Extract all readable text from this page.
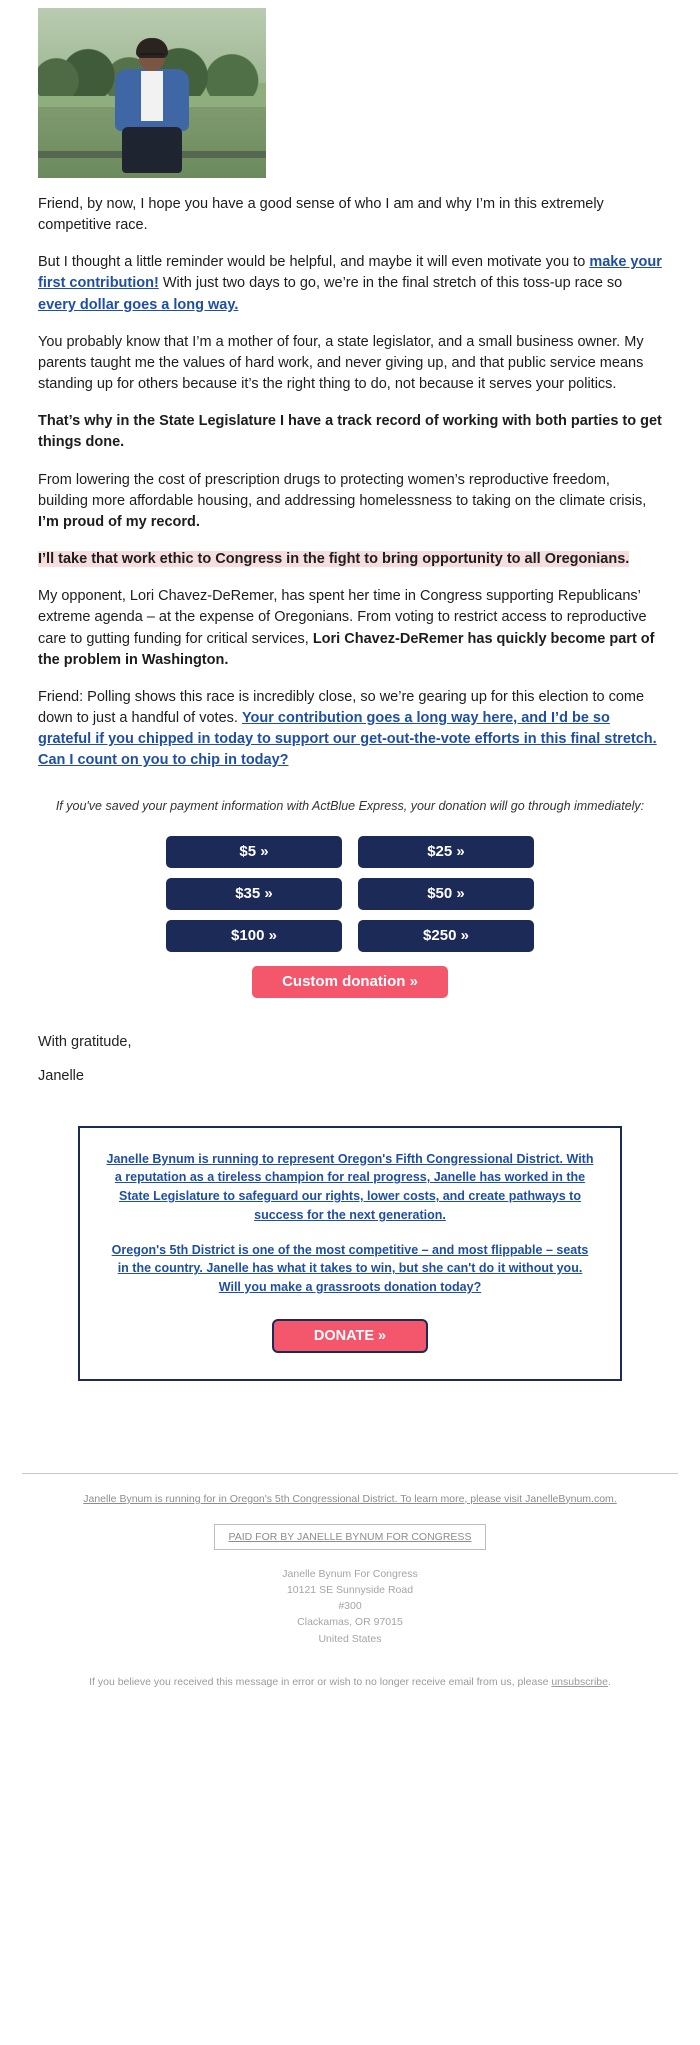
Friend, by now, I hope you have a good sense of who I am and why I’m in this extremely competitive race.

But I thought a little reminder would be helpful, and maybe it will even motivate you to make your first contribution! With just two days to go, we’re in the final stretch of this toss-up race so every dollar goes a long way.

You probably know that I’m a mother of four, a state legislator, and a small business owner. My parents taught me the values of hard work, and never giving up, and that public service means standing up for others because it’s the right thing to do, not because it serves your politics.

That’s why in the State Legislature I have a track record of working with both parties to get things done.

From lowering the cost of prescription drugs to protecting women’s reproductive freedom, building more affordable housing, and addressing homelessness to taking on the climate crisis, I’m proud of my record.

I’ll take that work ethic to Congress in the fight to bring opportunity to all Oregonians.

My opponent, Lori Chavez-DeRemer, has spent her time in Congress supporting Republicans’ extreme agenda – at the expense of Oregonians. From voting to restrict access to reproductive care to gutting funding for critical services, Lori Chavez-DeRemer has quickly become part of the problem in Washington.

Friend: Polling shows this race is incredibly close, so we’re gearing up for this election to come down to just a handful of votes. Your contribution goes a long way here, and I’d be so grateful if you chipped in today to support our get-out-the-vote efforts in this final stretch. Can I count on you to chip in today?

If you've saved your payment information with ActBlue Express, your donation will go through immediately:
$5 »	$25 »
$35 »	$50 »
$100 »	$250 »
Custom donation »

With gratitude,

Janelle

Janelle Bynum is running to represent Oregon's Fifth Congressional District. With a reputation as a tireless champion for real progress, Janelle has worked in the State Legislature to safeguard our rights, lower costs, and create pathways to success for the next generation.

Oregon's 5th District is one of the most competitive – and most flippable – seats in the country. Janelle has what it takes to win, but she can't do it without you. Will you make a grassroots donation today?

DONATE »

Janelle Bynum is running for in Oregon's 5th Congressional District. To learn more, please visit JanelleBynum.com.

PAID FOR BY JANELLE BYNUM FOR CONGRESS
Janelle Bynum For Congress
10121 SE Sunnyside Road
#300
Clackamas, OR 97015
United States

If you believe you received this message in error or wish to no longer receive email from us, please unsubscribe.
